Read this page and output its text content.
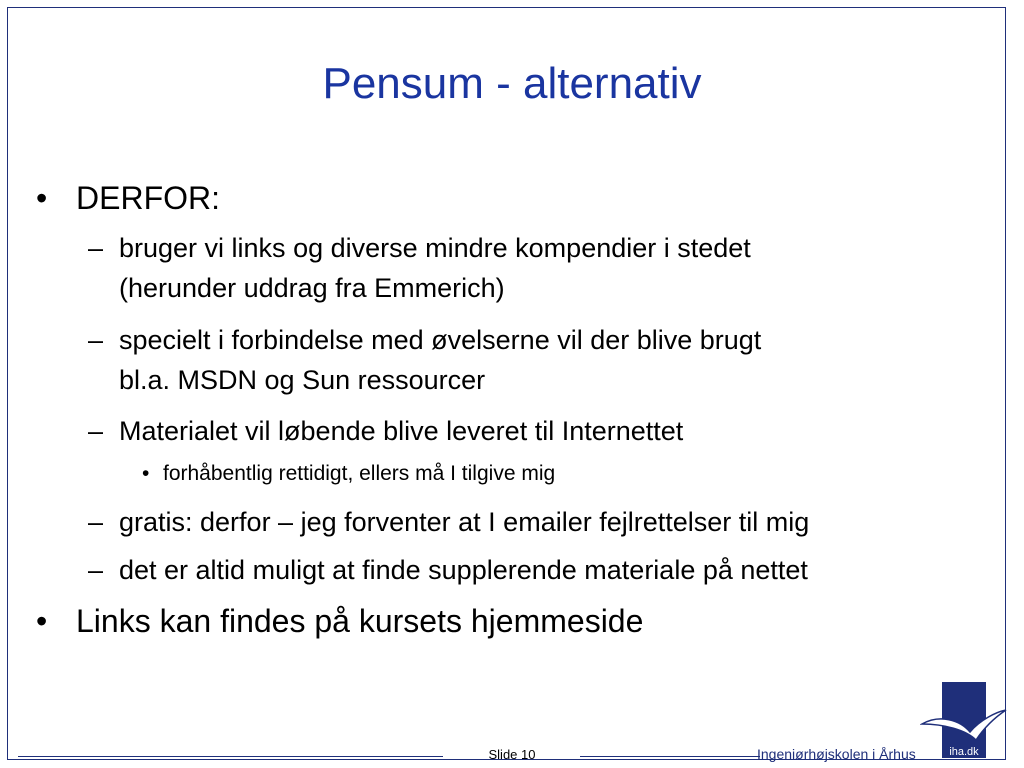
Pensum - alternativ
• DERFOR:
– bruger vi links og diverse mindre kompendier i stedet
(herunder uddrag fra Emmerich)
– specielt i forbindelse med øvelserne vil der blive brugt
bl.a. MSDN og Sun ressourcer
– Materialet vil løbende blive leveret til Internettet
• forhåbentlig rettidigt, ellers må I tilgive mig
– gratis: derfor – jeg forventer at I emailer fejlrettelser til mig
– det er altid muligt at finde supplerende materiale på nettet
• Links kan findes på kursets hjemmeside
Slide 10	Ingeniørhøjskolen i Århus	iha.dk
